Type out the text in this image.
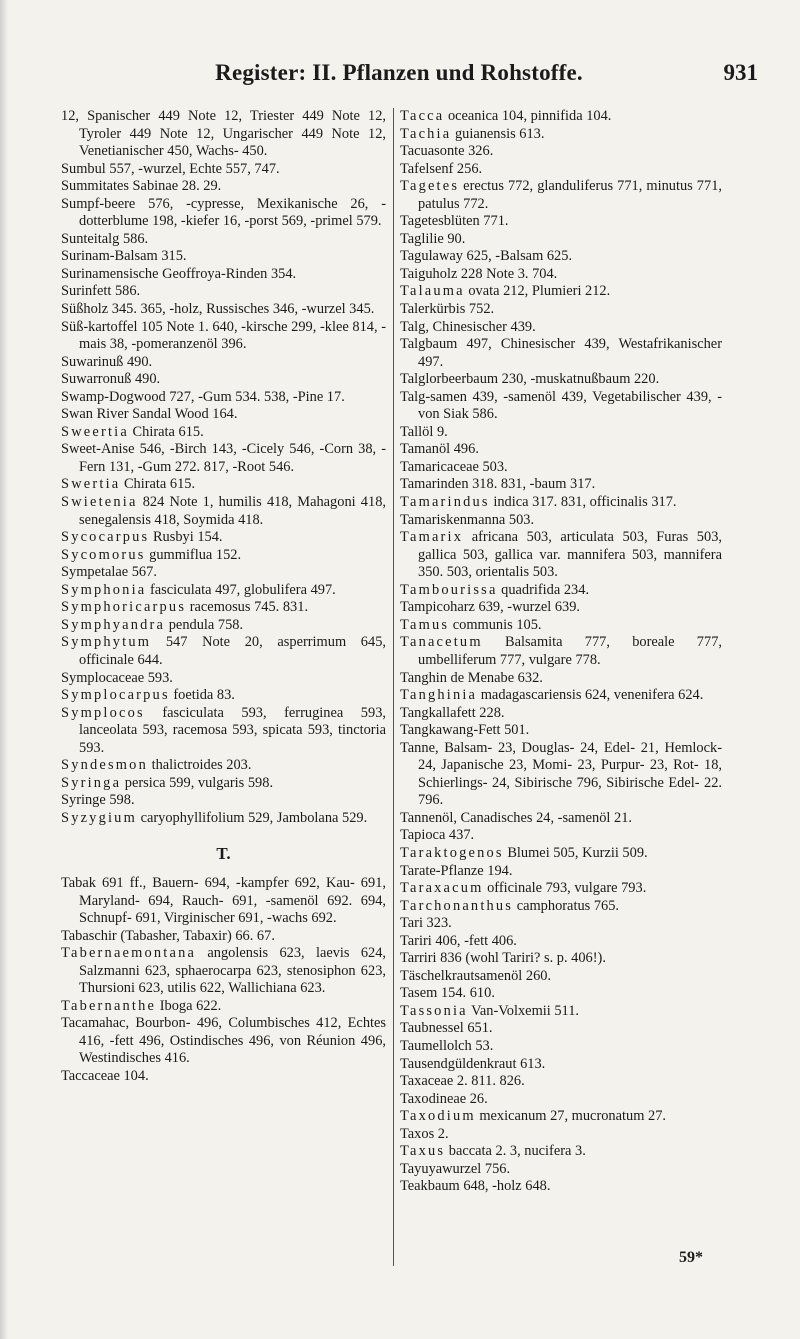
Register: II. Pflanzen und Rohstoffe.	931

12, Spanischer 449 Note 12, Triester 449 Note 12, Tyroler 449 Note 12, Ungarischer 449 Note 12, Venetianischer 450, Wachs- 450.

Sumbul 557, -wurzel, Echte 557, 747.

Summitates Sabinae 28. 29.

Sumpf-beere 576, -cypresse, Mexikanische 26, -dotterblume 198, -kiefer 16, -porst 569, -primel 579.

Sunteitalg 586.

Surinam-Balsam 315.

Surinamensische Geoffroya-Rinden 354.

Surinfett 586.

Süßholz 345. 365, -holz, Russisches 346, -wurzel 345.

Süß-kartoffel 105 Note 1. 640, -kirsche 299, -klee 814, -mais 38, -pomeranzenöl 396.

Suwarinuß 490.

Suwarronuß 490.

Swamp-Dogwood 727, -Gum 534. 538, -Pine 17.

Swan River Sandal Wood 164.

Sweertia Chirata 615.

Sweet-Anise 546, -Birch 143, -Cicely 546, -Corn 38, -Fern 131, -Gum 272. 817, -Root 546.

Swertia Chirata 615.

Swietenia 824 Note 1, humilis 418, Mahagoni 418, senegalensis 418, Soymida 418.

Sycocarpus Rusbyi 154.

Sycomorus gummiflua 152.

Sympetalae 567.

Symphonia fasciculata 497, globulifera 497.

Symphoricarpus racemosus 745. 831.

Symphyandra pendula 758.

Symphytum 547 Note 20, asperrimum 645, officinale 644.

Symplocaceae 593.

Symplocarpus foetida 83.

Symplocos fasciculata 593, ferruginea 593, lanceolata 593, racemosa 593, spicata 593, tinctoria 593.

Syndesmon thalictroides 203.

Syringa persica 599, vulgaris 598.

Syringe 598.

Syzygium caryophyllifolium 529, Jambolana 529.

T.

Tabak 691 ff., Bauern- 694, -kampfer 692, Kau- 691, Maryland- 694, Rauch- 691, -samenöl 692. 694, Schnupf- 691, Virginischer 691, -wachs 692.

Tabaschir (Tabasher, Tabaxir) 66. 67.

Tabernaemontana angolensis 623, laevis 624, Salzmanni 623, sphaerocarpa 623, stenosiphon 623, Thursioni 623, utilis 622, Wallichiana 623.

Tabernanthe Iboga 622.

Tacamahac, Bourbon- 496, Columbisches 412, Echtes 416, -fett 496, Ostindisches 496, von Réunion 496, Westindisches 416.

Taccaceae 104.

Tacca oceanica 104, pinnifida 104.

Tachia guianensis 613.

Tacuasonte 326.

Tafelsenf 256.

Tagetes erectus 772, glanduliferus 771, minutus 771, patulus 772.

Tagetesblüten 771.

Taglilie 90.

Tagulaway 625, -Balsam 625.

Taiguholz 228 Note 3. 704.

Talauma ovata 212, Plumieri 212.

Talerkürbis 752.

Talg, Chinesischer 439.

Talgbaum 497, Chinesischer 439, Westafrikanischer 497.

Talglorbeerbaum 230, -muskatnußbaum 220.

Talg-samen 439, -samenöl 439, Vegetabilischer 439, -von Siak 586.

Tallöl 9.

Tamanöl 496.

Tamaricaceae 503.

Tamarinden 318. 831, -baum 317.

Tamarindus indica 317. 831, officinalis 317.

Tamariskenmanna 503.

Tamarix africana 503, articulata 503, Furas 503, gallica 503, gallica var. mannifera 503, mannifera 350. 503, orientalis 503.

Tambourissa quadrifida 234.

Tampicoharz 639, -wurzel 639.

Tamus communis 105.

Tanacetum Balsamita 777, boreale 777, umbelliferum 777, vulgare 778.

Tanghin de Menabe 632.

Tanghinia madagascariensis 624, venenifera 624.

Tangkallafett 228.

Tangkawang-Fett 501.

Tanne, Balsam- 23, Douglas- 24, Edel- 21, Hemlock- 24, Japanische 23, Momi- 23, Purpur- 23, Rot- 18, Schierlings- 24, Sibirische 796, Sibirische Edel- 22. 796.

Tannenöl, Canadisches 24, -samenöl 21.

Tapioca 437.

Taraktogenos Blumei 505, Kurzii 509.

Tarate-Pflanze 194.

Taraxacum officinale 793, vulgare 793.

Tarchonanthus camphoratus 765.

Tari 323.

Tariri 406, -fett 406.

Tarriri 836 (wohl Tariri? s. p. 406!).

Täschelkrautsamenöl 260.

Tasem 154. 610.

Tassonia Van-Volxemii 511.

Taubnessel 651.

Taumellolch 53.

Tausendgüldenkraut 613.

Taxaceae 2. 811. 826.

Taxodineae 26.

Taxodium mexicanum 27, mucronatum 27.

Taxos 2.

Taxus baccata 2. 3, nucifera 3.

Tayuyawurzel 756.

Teakbaum 648, -holz 648.

59*
